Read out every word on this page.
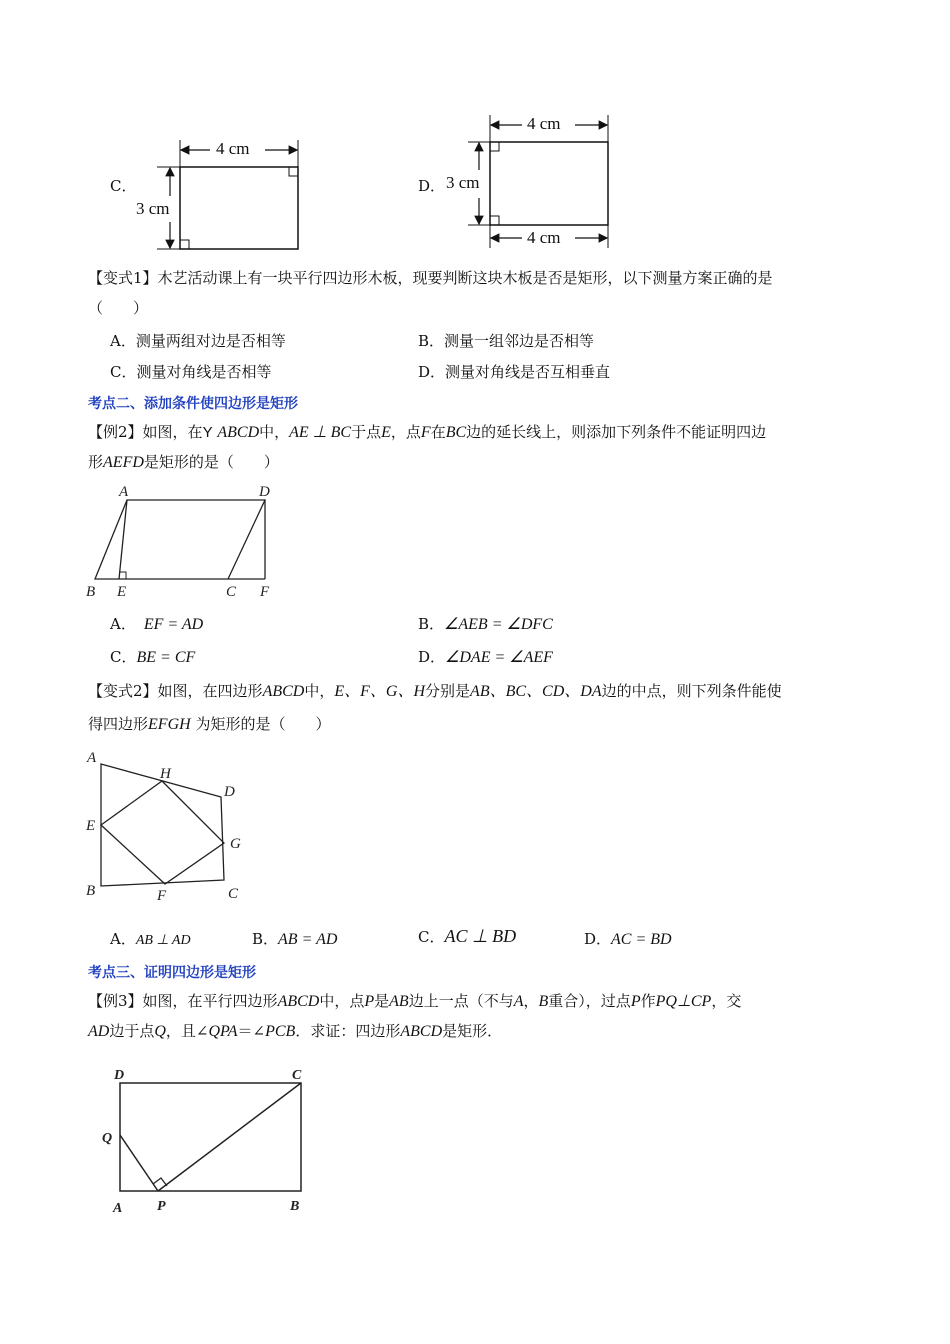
C．
4 cm
3 cm
D．
4 cm
4 cm
3 cm
【变式1】木艺活动课上有一块平行四边形木板，现要判断这块木板是否是矩形，以下测量方案正确的是
（　　）
A．测量两组对边是否相等	B．测量一组邻边是否相等
C．测量对角线是否相等	D．测量对角线是否互相垂直
考点二、添加条件使四边形是矩形
【例2】如图，在Y ABCD中，AE ⊥ BC于点E，点F在BC边的延长线上，则添加下列条件不能证明四边
形AEFD是矩形的是（　　）
A	D
B E	C F
A． EF = AD	B．∠AEB = ∠DFC
C．BE = CF	D．∠DAE = ∠AEF
【变式2】如图，在四边形ABCD中，E、F、G、H分别是AB、BC、CD、DA边的中点，则下列条件能使
得四边形EFGH 为矩形的是（　　）
A
H
D
E
G
B	F	C
A．AB ⊥ AD	B．AB = AD	C．AC ⊥ BD	D．AC = BD
考点三、证明四边形是矩形
【例3】如图，在平行四边形ABCD中，点P是AB边上一点（不与A，B重合），过点P作PQ⊥CP，交
AD边于点Q，且∠QPA＝∠PCB．求证：四边形ABCD是矩形．
D	C
Q
A P	B
